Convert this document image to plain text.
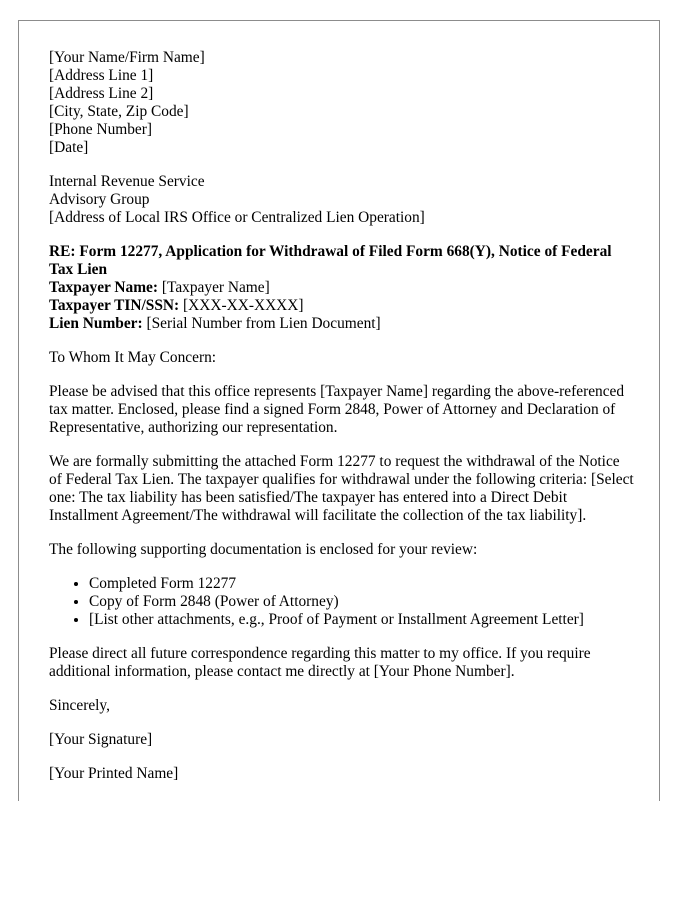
[Your Name/Firm Name]
[Address Line 1]
[Address Line 2]
[City, State, Zip Code]
[Phone Number]
[Date]
Internal Revenue Service
Advisory Group
[Address of Local IRS Office or Centralized Lien Operation]
RE: Form 12277, Application for Withdrawal of Filed Form 668(Y), Notice of Federal Tax Lien
Taxpayer Name: [Taxpayer Name]
Taxpayer TIN/SSN: [XXX-XX-XXXX]
Lien Number: [Serial Number from Lien Document]

To Whom It May Concern:

Please be advised that this office represents [Taxpayer Name] regarding the above-referenced tax matter. Enclosed, please find a signed Form 2848, Power of Attorney and Declaration of Representative, authorizing our representation.

We are formally submitting the attached Form 12277 to request the withdrawal of the Notice of Federal Tax Lien. The taxpayer qualifies for withdrawal under the following criteria: [Select one: The tax liability has been satisfied/The taxpayer has entered into a Direct Debit Installment Agreement/The withdrawal will facilitate the collection of the tax liability].

The following supporting documentation is enclosed for your review:

• Completed Form 12277
• Copy of Form 2848 (Power of Attorney)
• [List other attachments, e.g., Proof of Payment or Installment Agreement Letter]

Please direct all future correspondence regarding this matter to my office. If you require additional information, please contact me directly at [Your Phone Number].

Sincerely,

[Your Signature]

[Your Printed Name]
